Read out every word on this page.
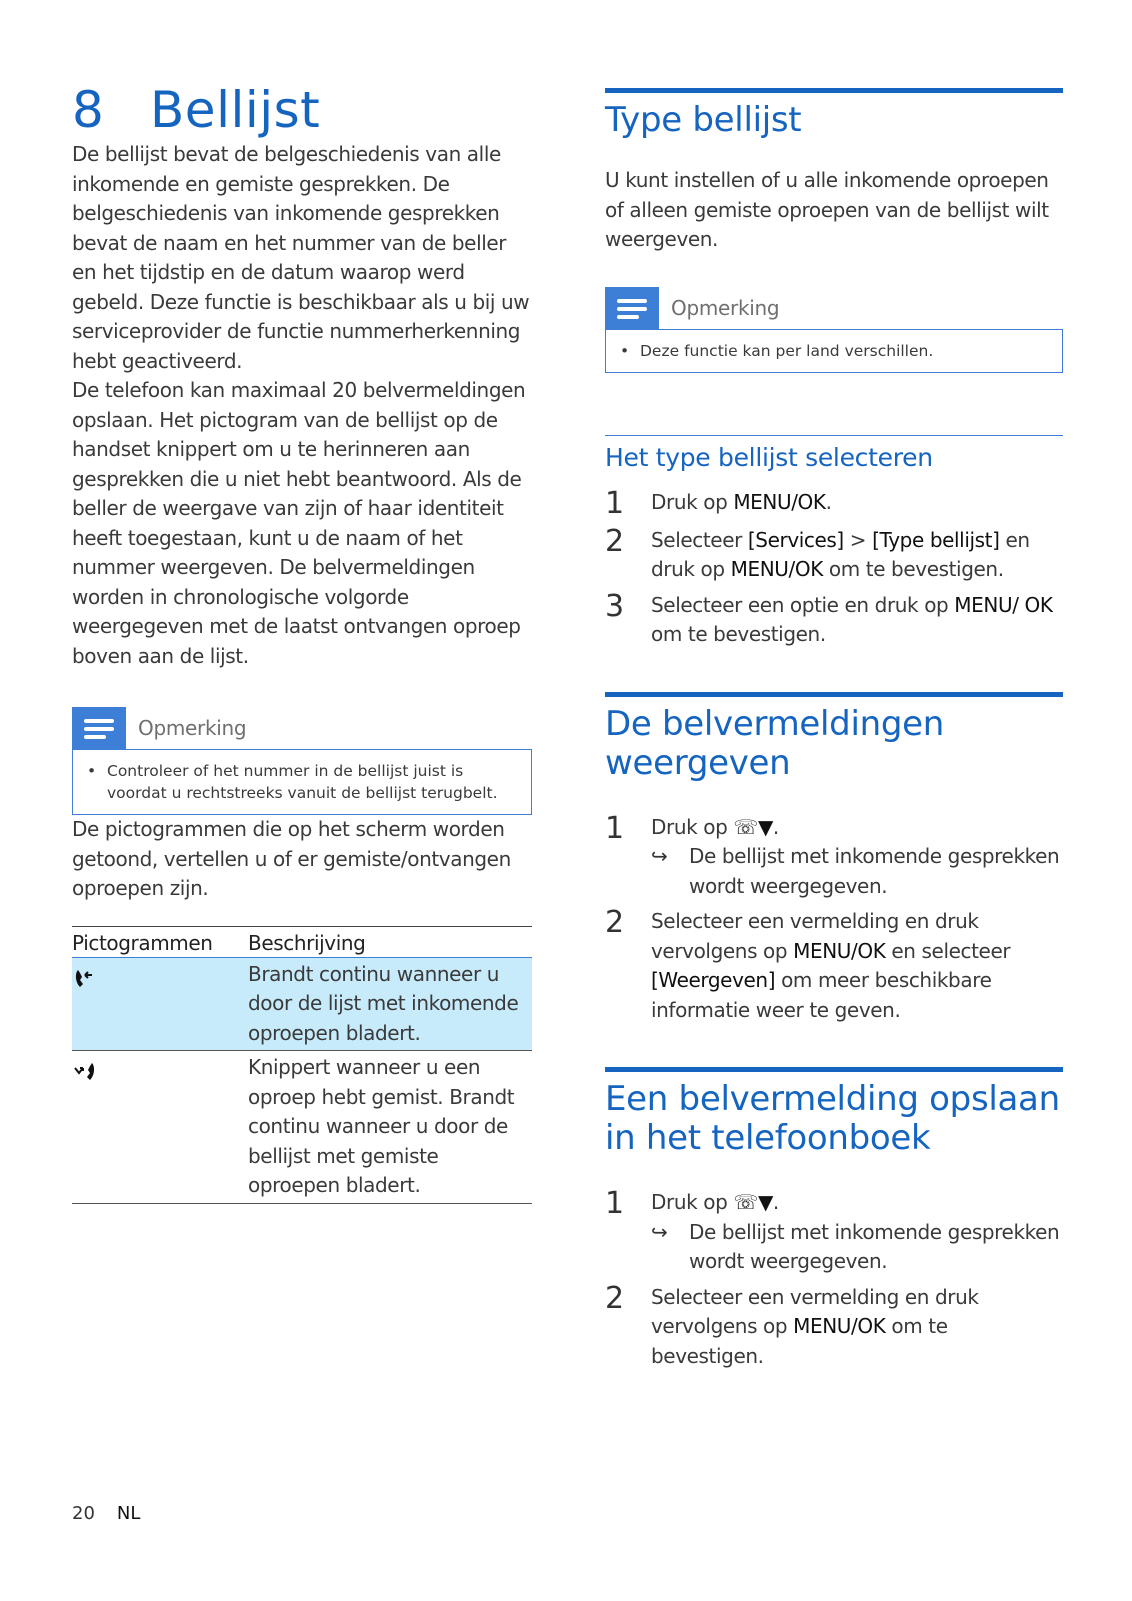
8 Bellijst

De bellijst bevat de belgeschiedenis van alle inkomende en gemiste gesprekken. De belgeschiedenis van inkomende gesprekken bevat de naam en het nummer van de beller en het tijdstip en de datum waarop werd gebeld. Deze functie is beschikbaar als u bij uw serviceprovider de functie nummerherkenning hebt geactiveerd.

De telefoon kan maximaal 20 belvermeldingen opslaan. Het pictogram van de bellijst op de handset knippert om u te herinneren aan gesprekken die u niet hebt beantwoord. Als de beller de weergave van zijn of haar identiteit heeft toegestaan, kunt u de naam of het nummer weergeven. De belvermeldingen worden in chronologische volgorde weergegeven met de laatst ontvangen oproep boven aan de lijst.

Opmerking
• Controleer of het nummer in de bellijst juist is voordat u rechtstreeks vanuit de bellijst terugbelt.

De pictogrammen die op het scherm worden getoond, vertellen u of er gemiste/ontvangen oproepen zijn.

Pictogrammen	Beschrijving
	Brandt continu wanneer u door de lijst met inkomende oproepen bladert.
	Knippert wanneer u een oproep hebt gemist. Brandt continu wanneer u door de bellijst met gemiste oproepen bladert.
Type bellijst

U kunt instellen of u alle inkomende oproepen of alleen gemiste oproepen van de bellijst wilt weergeven.

Opmerking
• Deze functie kan per land verschillen.
Het type bellijst selecteren
1	Druk op MENU/OK.
2	Selecteer [Services] > [Type bellijst] en druk op MENU/OK om te bevestigen.
3	Selecteer een optie en druk op MENU/ OK om te bevestigen.
De belvermeldingen weergeven
1	Druk op ☏▼.
↪	De bellijst met inkomende gesprekken wordt weergegeven.
2	Selecteer een vermelding en druk vervolgens op MENU/OK en selecteer [Weergeven] om meer beschikbare informatie weer te geven.
Een belvermelding opslaan in het telefoonboek
1	Druk op ☏▼.
↪	De bellijst met inkomende gesprekken wordt weergegeven.
2	Selecteer een vermelding en druk vervolgens op MENU/OK om te bevestigen.
20 NL
